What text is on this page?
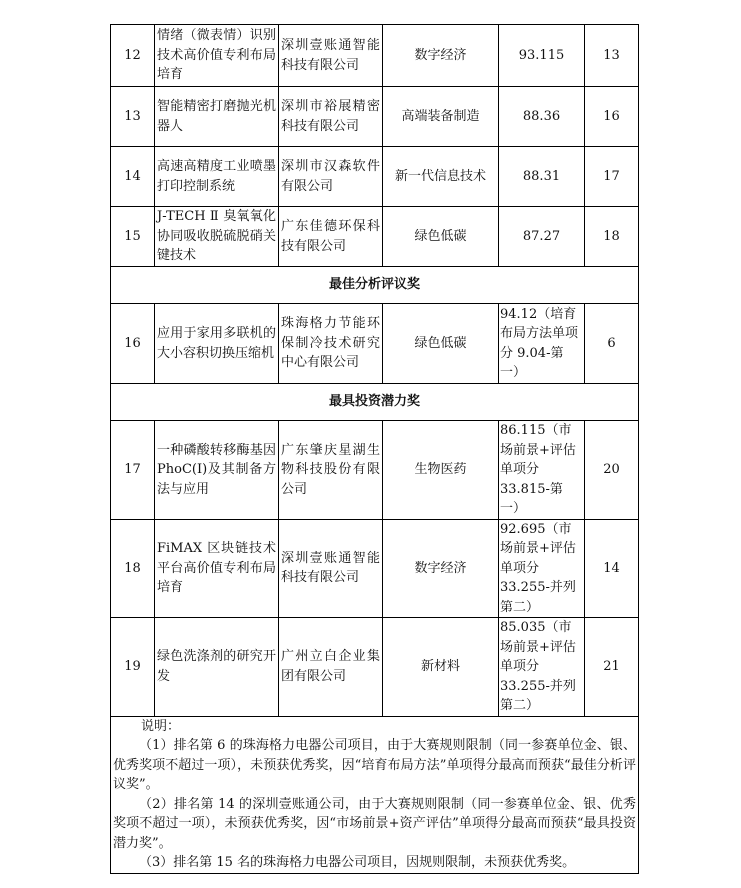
12	情绪（微表情）识别技术高价值专利布局培育	深圳壹账通智能科技有限公司	数字经济	93.115	13
13	智能精密打磨抛光机器人	深圳市裕展精密科技有限公司	高端装备制造	88.36	16
14	高速高精度工业喷墨打印控制系统	深圳市汉森软件有限公司	新一代信息技术	88.31	17
15	J-TECH Ⅱ 臭氧氧化协同吸收脱硫脱硝关键技术	广东佳德环保科技有限公司	绿色低碳	87.27	18
最佳分析评议奖					
16	应用于家用多联机的大小容积切换压缩机	珠海格力节能环保制冷技术研究中心有限公司	绿色低碳	94.12（培育布局方法单项分 9.04-第一）	6
最具投资潜力奖					
17	一种磷酸转移酶基因 PhoC(I)及其制备方法与应用	广东肇庆星湖生物科技股份有限公司	生物医药	86.115（市场前景+评估单项分 33.815-第一）	20
18	FiMAX 区块链技术平台高价值专利布局培育	深圳壹账通智能科技有限公司	数字经济	92.695（市场前景+评估单项分 33.255-并列第二）	14
19	绿色洗涤剂的研究开发	广州立白企业集团有限公司	新材料	85.035（市场前景+评估单项分 33.255-并列第二）	21

说明：

（1）排名第 6 的珠海格力电器公司项目，由于大赛规则限制（同一参赛单位金、银、优秀奖项不超过一项），未预获优秀奖，因“培育布局方法”单项得分最高而预获“最佳分析评议奖”。

（2）排名第 14 的深圳壹账通公司，由于大赛规则限制（同一参赛单位金、银、优秀奖项不超过一项），未预获优秀奖，因“市场前景+资产评估”单项得分最高而预获“最具投资潜力奖”。

（3）排名第 15 名的珠海格力电器公司项目，因规则限制，未预获优秀奖。					
